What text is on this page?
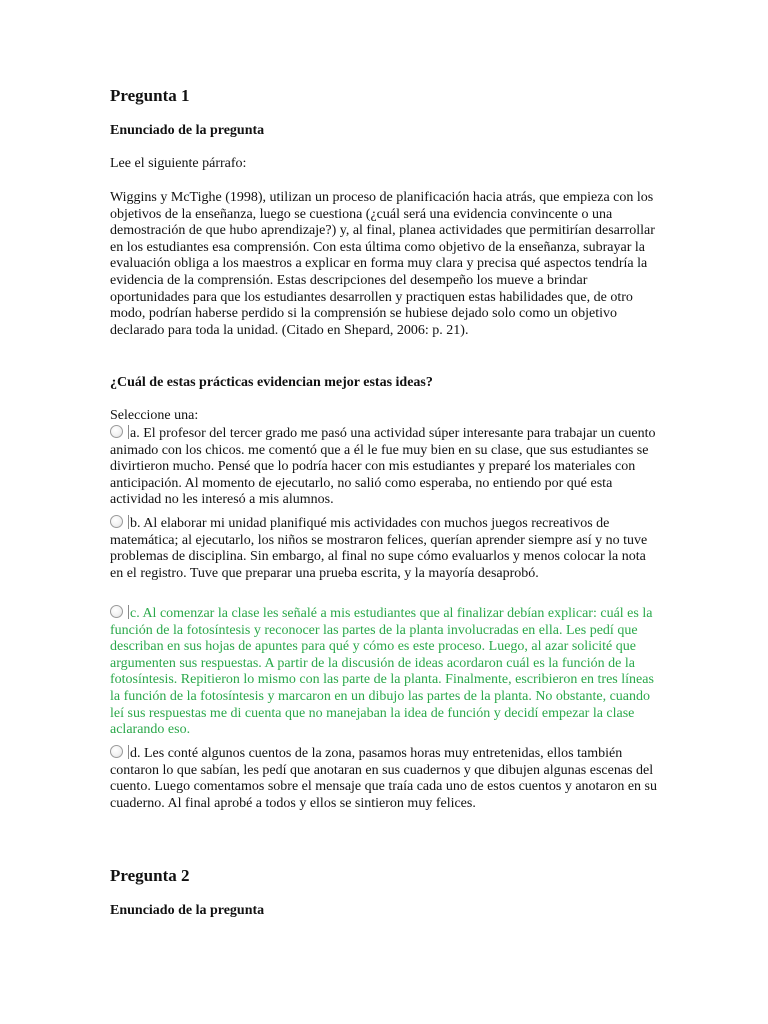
Pregunta 1
Enunciado de la pregunta

Lee el siguiente párrafo:

Wiggins y McTighe (1998), utilizan un proceso de planificación hacia atrás, que empieza con los objetivos de la enseñanza, luego se cuestiona (¿cuál será una evidencia convincente o una demostración de que hubo aprendizaje?) y, al final, planea actividades que permitirían desarrollar en los estudiantes esa comprensión. Con esta última como objetivo de la enseñanza, subrayar la evaluación obliga a los maestros a explicar en forma muy clara y precisa qué aspectos tendría la evidencia de la comprensión. Estas descripciones del desempeño los mueve a brindar oportunidades para que los estudiantes desarrollen y practiquen estas habilidades que, de otro modo, podrían haberse perdido si la comprensión se hubiese dejado solo como un objetivo declarado para toda la unidad. (Citado en Shepard, 2006: p. 21).

¿Cuál de estas prácticas evidencian mejor estas ideas?

Seleccione una:

a. El profesor del tercer grado me pasó una actividad súper interesante para trabajar un cuento animado con los chicos. me comentó que a él le fue muy bien en su clase, que sus estudiantes se divirtieron mucho. Pensé que lo podría hacer con mis estudiantes y preparé los materiales con anticipación. Al momento de ejecutarlo, no salió como esperaba, no entiendo por qué esta actividad no les interesó a mis alumnos.
b. Al elaborar mi unidad planifiqué mis actividades con muchos juegos recreativos de matemática; al ejecutarlo, los niños se mostraron felices, querían aprender siempre así y no tuve problemas de disciplina. Sin embargo, al final no supe cómo evaluarlos y menos colocar la nota en el registro. Tuve que preparar una prueba escrita, y la mayoría desaprobó.
c. Al comenzar la clase les señalé a mis estudiantes que al finalizar debían explicar: cuál es la función de la fotosíntesis y reconocer las partes de la planta involucradas en ella. Les pedí que describan en sus hojas de apuntes para qué y cómo es este proceso. Luego, al azar solicité que argumenten sus respuestas. A partir de la discusión de ideas acordaron cuál es la función de la fotosíntesis. Repitieron lo mismo con las parte de la planta. Finalmente, escribieron en tres líneas la función de la fotosíntesis y marcaron en un dibujo las partes de la planta. No obstante, cuando leí sus respuestas me di cuenta que no manejaban la idea de función y decidí empezar la clase aclarando eso.
d. Les conté algunos cuentos de la zona, pasamos horas muy entretenidas, ellos también contaron lo que sabían, les pedí que anotaran en sus cuadernos y que dibujen algunas escenas del cuento. Luego comentamos sobre el mensaje que traía cada uno de estos cuentos y anotaron en su cuaderno. Al final aprobé a todos y ellos se sintieron muy felices.
Pregunta 2
Enunciado de la pregunta
